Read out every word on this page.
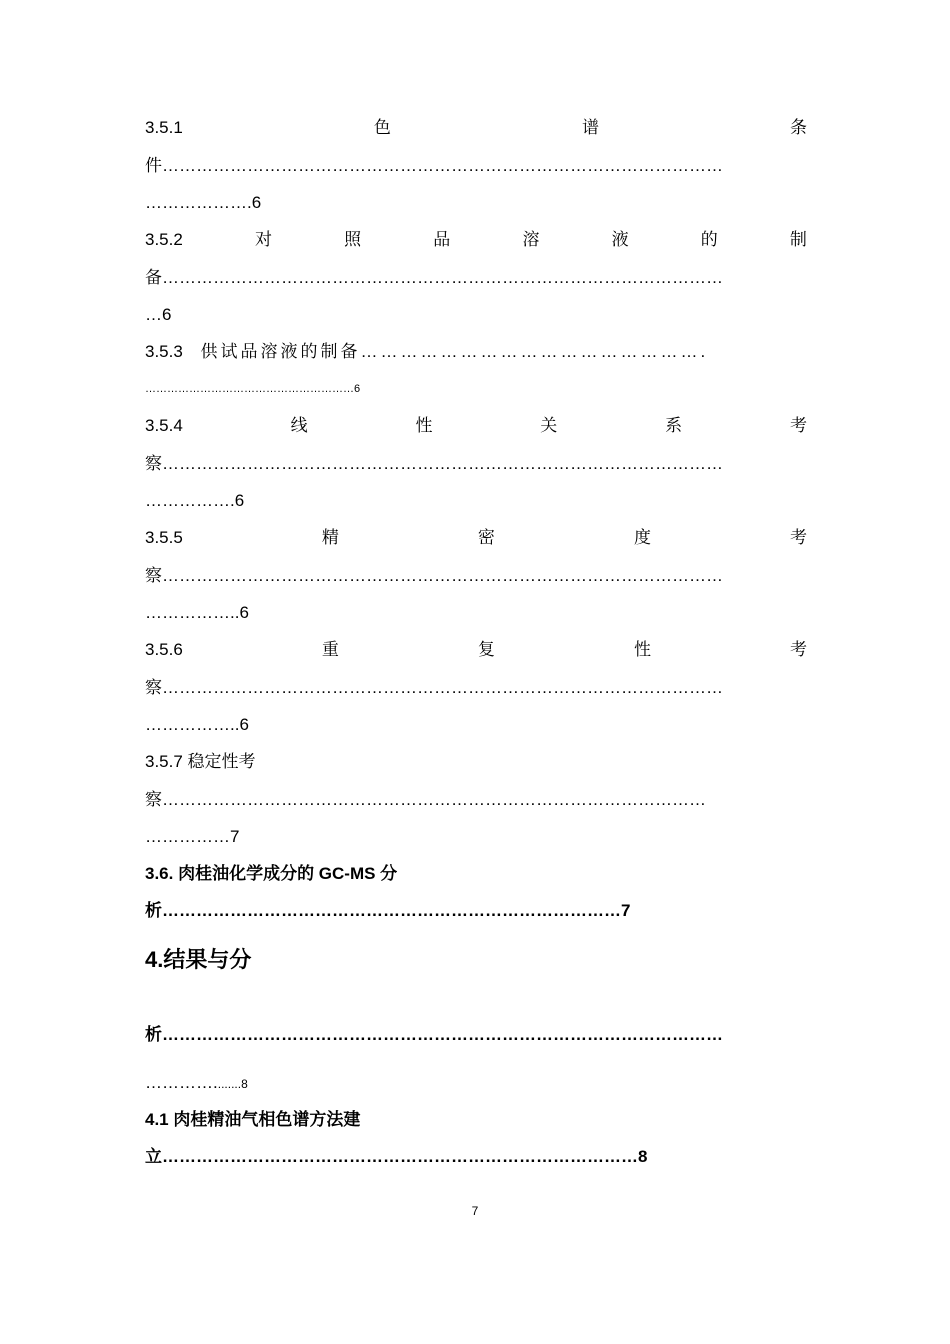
3.5.1	色	谱	条
件………………………………………………………………………………………
……………….6
3.5.2	对	照	品	溶	液	的	制
备………………………………………………………………………………………
…6
3.5.3 供试品溶液的制备…………………………………………….
…………………………………………………6
3.5.4	线	性	关	系	考
察………………………………………………………………………………………
…………….6
3.5.5	精	密	度	考
察………………………………………………………………………………………
……………..6
3.5.6	重	复	性	考
察………………………………………………………………………………………
……………..6
3.5.7 稳定性考
察……………………………………………………………………………………
……………7
3.6. 肉桂油化学成分的 GC-MS 分
析………………………………………………………………………7
4.结果与分
析………………………………………………………………………………………
…………........8
4.1 肉桂精油气相色谱方法建
立…………………………………………………………………………8
7
